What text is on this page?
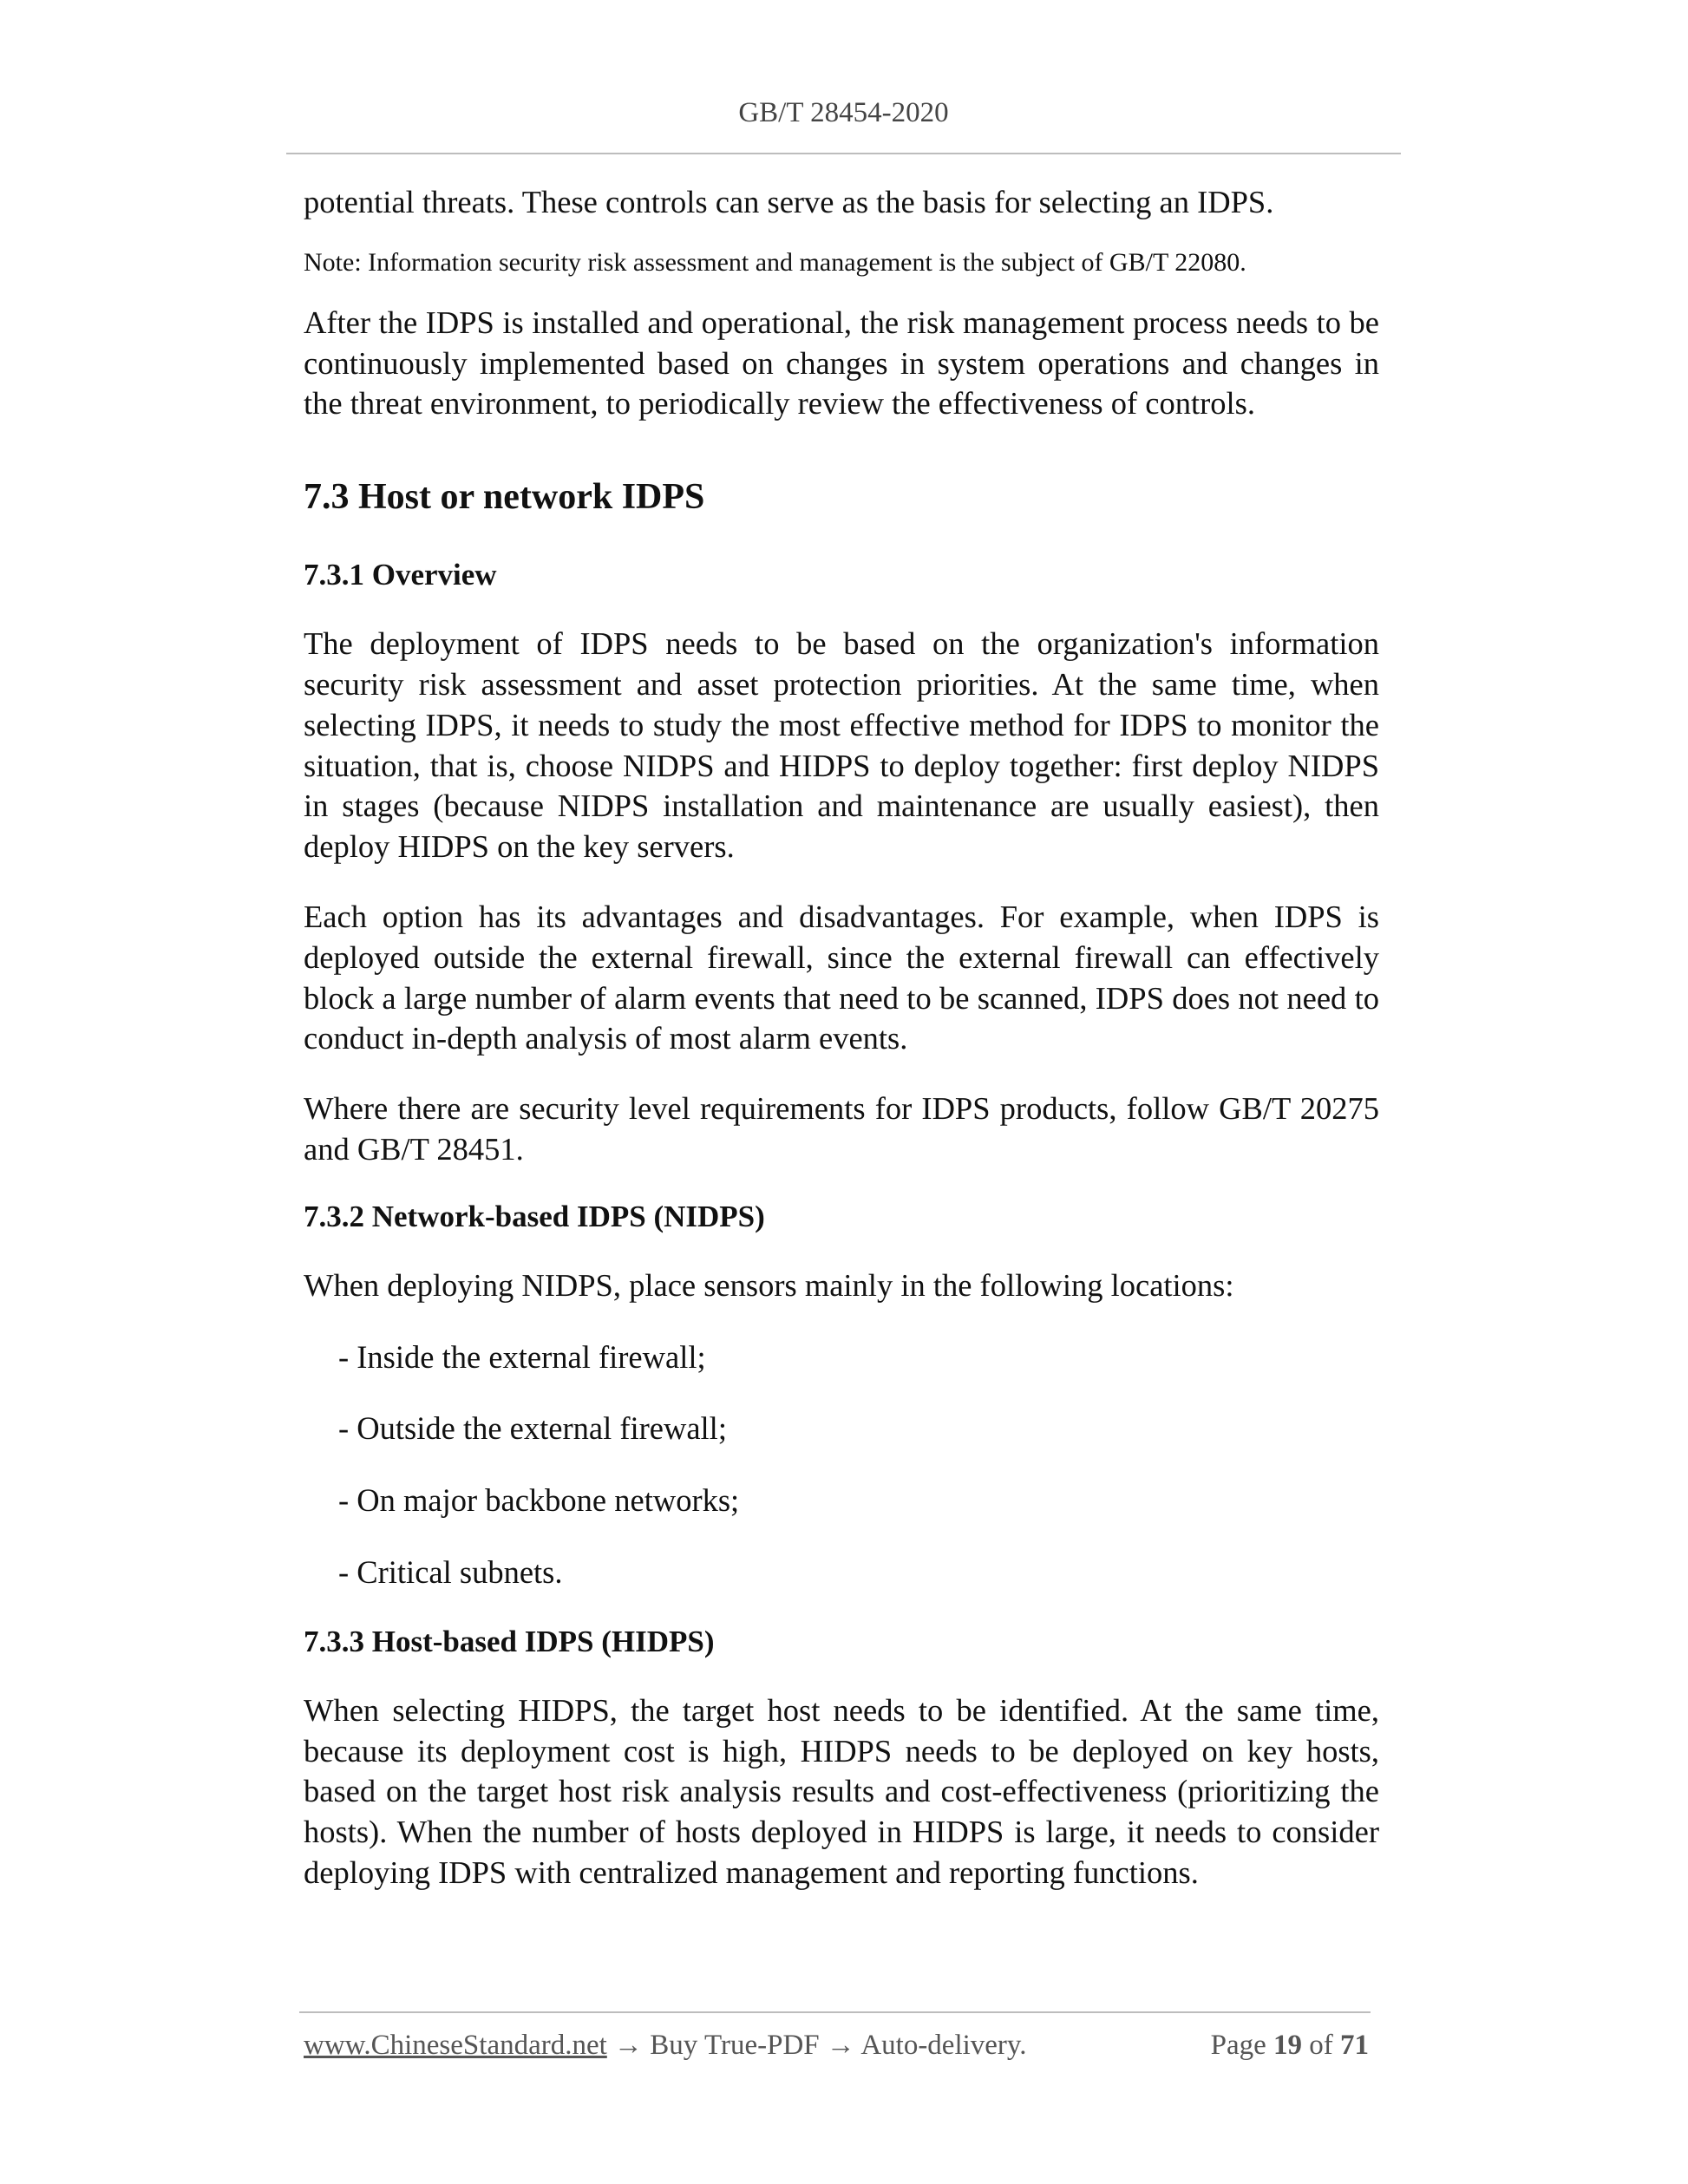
GB/T 28454-2020

potential threats. These controls can serve as the basis for selecting an IDPS.

Note: Information security risk assessment and management is the subject of GB/T 22080.

After the IDPS is installed and operational, the risk management process needs to be continuously implemented based on changes in system operations and changes in the threat environment, to periodically review the effectiveness of controls.

7.3 Host or network IDPS
7.3.1 Overview

The deployment of IDPS needs to be based on the organization's information security risk assessment and asset protection priorities. At the same time, when selecting IDPS, it needs to study the most effective method for IDPS to monitor the situation, that is, choose NIDPS and HIDPS to deploy together: first deploy NIDPS in stages (because NIDPS installation and maintenance are usually easiest), then deploy HIDPS on the key servers.

Each option has its advantages and disadvantages. For example, when IDPS is deployed outside the external firewall, since the external firewall can effectively block a large number of alarm events that need to be scanned, IDPS does not need to conduct in-depth analysis of most alarm events.

Where there are security level requirements for IDPS products, follow GB/T 20275 and GB/T 28451.

7.3.2 Network-based IDPS (NIDPS)

When deploying NIDPS, place sensors mainly in the following locations:

- Inside the external firewall;

- Outside the external firewall;

- On major backbone networks;

- Critical subnets.

7.3.3 Host-based IDPS (HIDPS)

When selecting HIDPS, the target host needs to be identified. At the same time, because its deployment cost is high, HIDPS needs to be deployed on key hosts, based on the target host risk analysis results and cost-effectiveness (prioritizing the hosts). When the number of hosts deployed in HIDPS is large, it needs to consider deploying IDPS with centralized management and reporting functions.

www.ChineseStandard.net → Buy True-PDF → Auto-delivery.	Page 19 of 71
